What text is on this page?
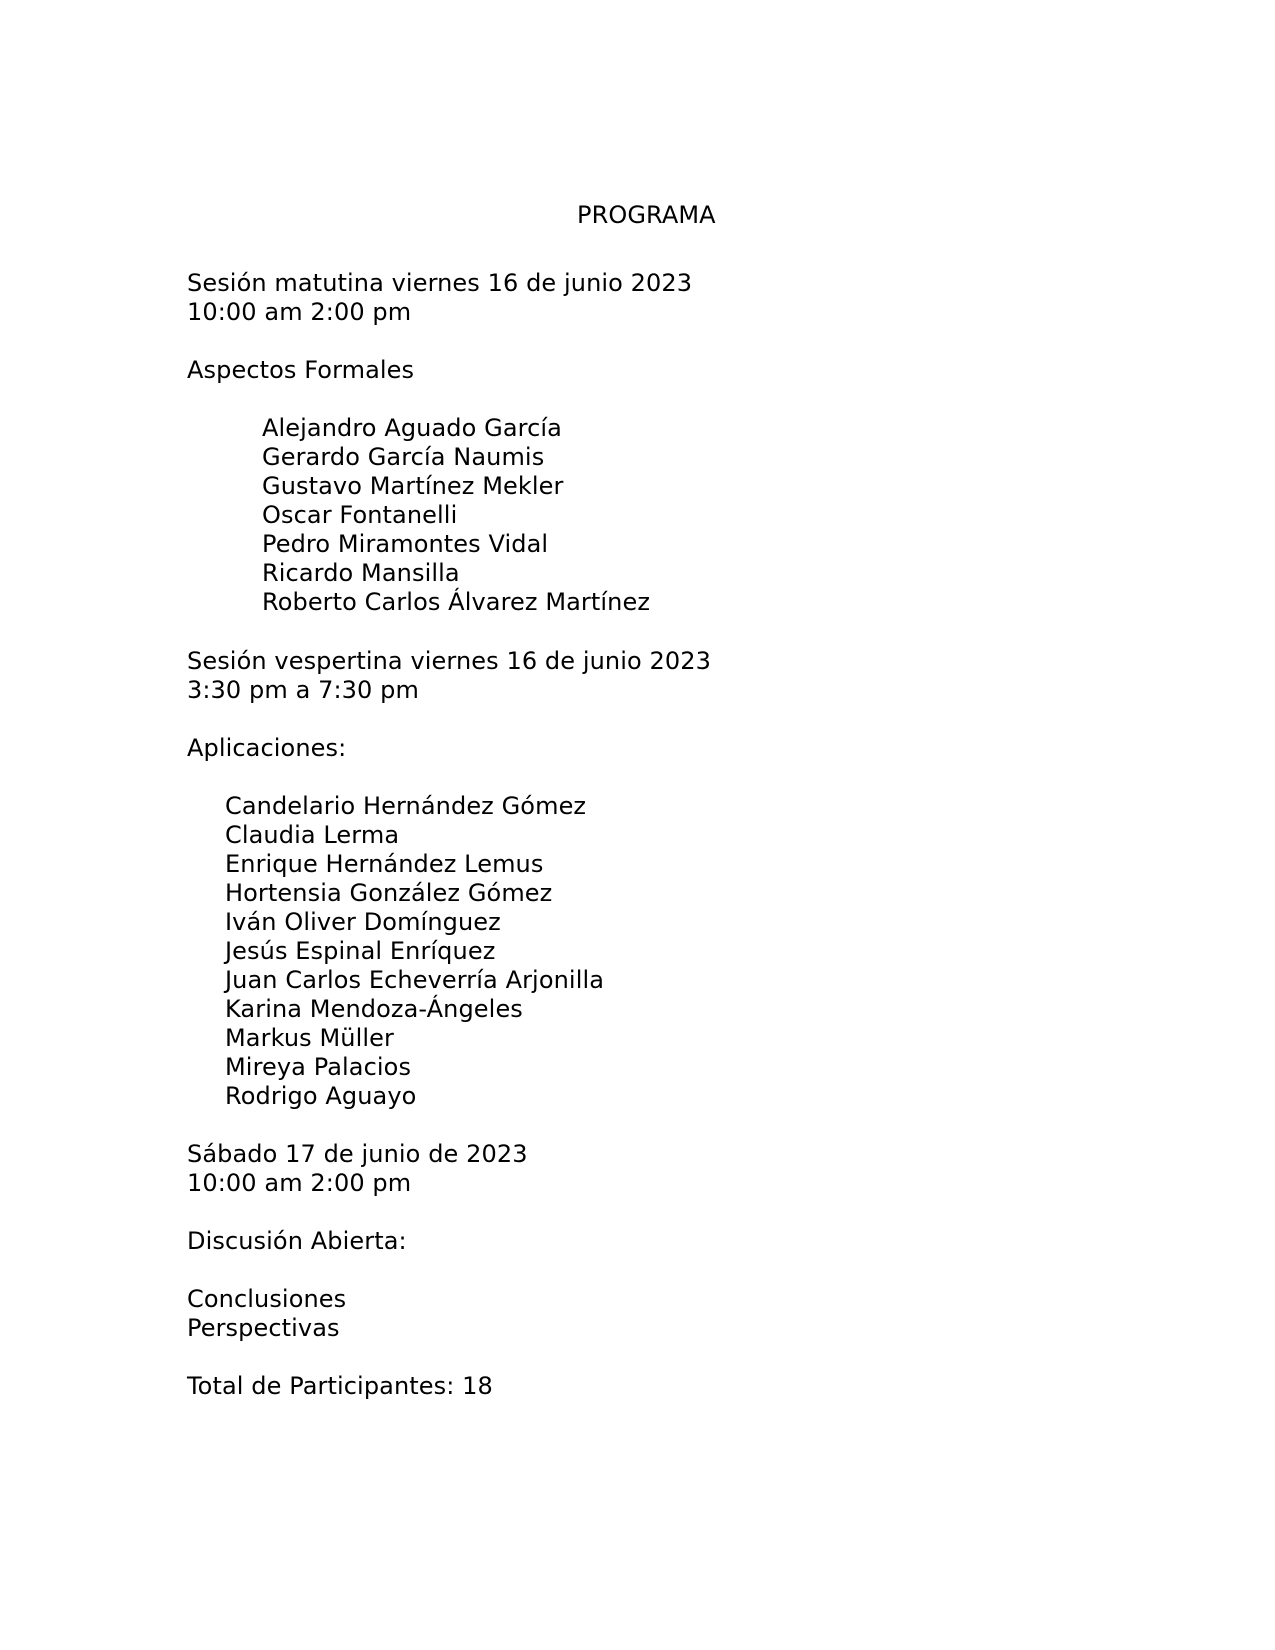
PROGRAMA
Sesión matutina viernes 16 de junio 2023
10:00 am 2:00 pm
Aspectos Formales
Alejandro Aguado García
Gerardo García Naumis
Gustavo Martínez Mekler
Oscar Fontanelli
Pedro Miramontes Vidal
Ricardo Mansilla
Roberto Carlos Álvarez Martínez
Sesión vespertina viernes 16 de junio 2023
3:30 pm a 7:30 pm
Aplicaciones:
Candelario Hernández Gómez
Claudia Lerma
Enrique Hernández Lemus
Hortensia González Gómez
Iván Oliver Domínguez
Jesús Espinal Enríquez
Juan Carlos Echeverría Arjonilla
Karina Mendoza-Ángeles
Markus Müller
Mireya Palacios
Rodrigo Aguayo
Sábado 17 de junio de 2023
10:00 am 2:00 pm
Discusión Abierta:
Conclusiones
Perspectivas
Total de Participantes: 18
